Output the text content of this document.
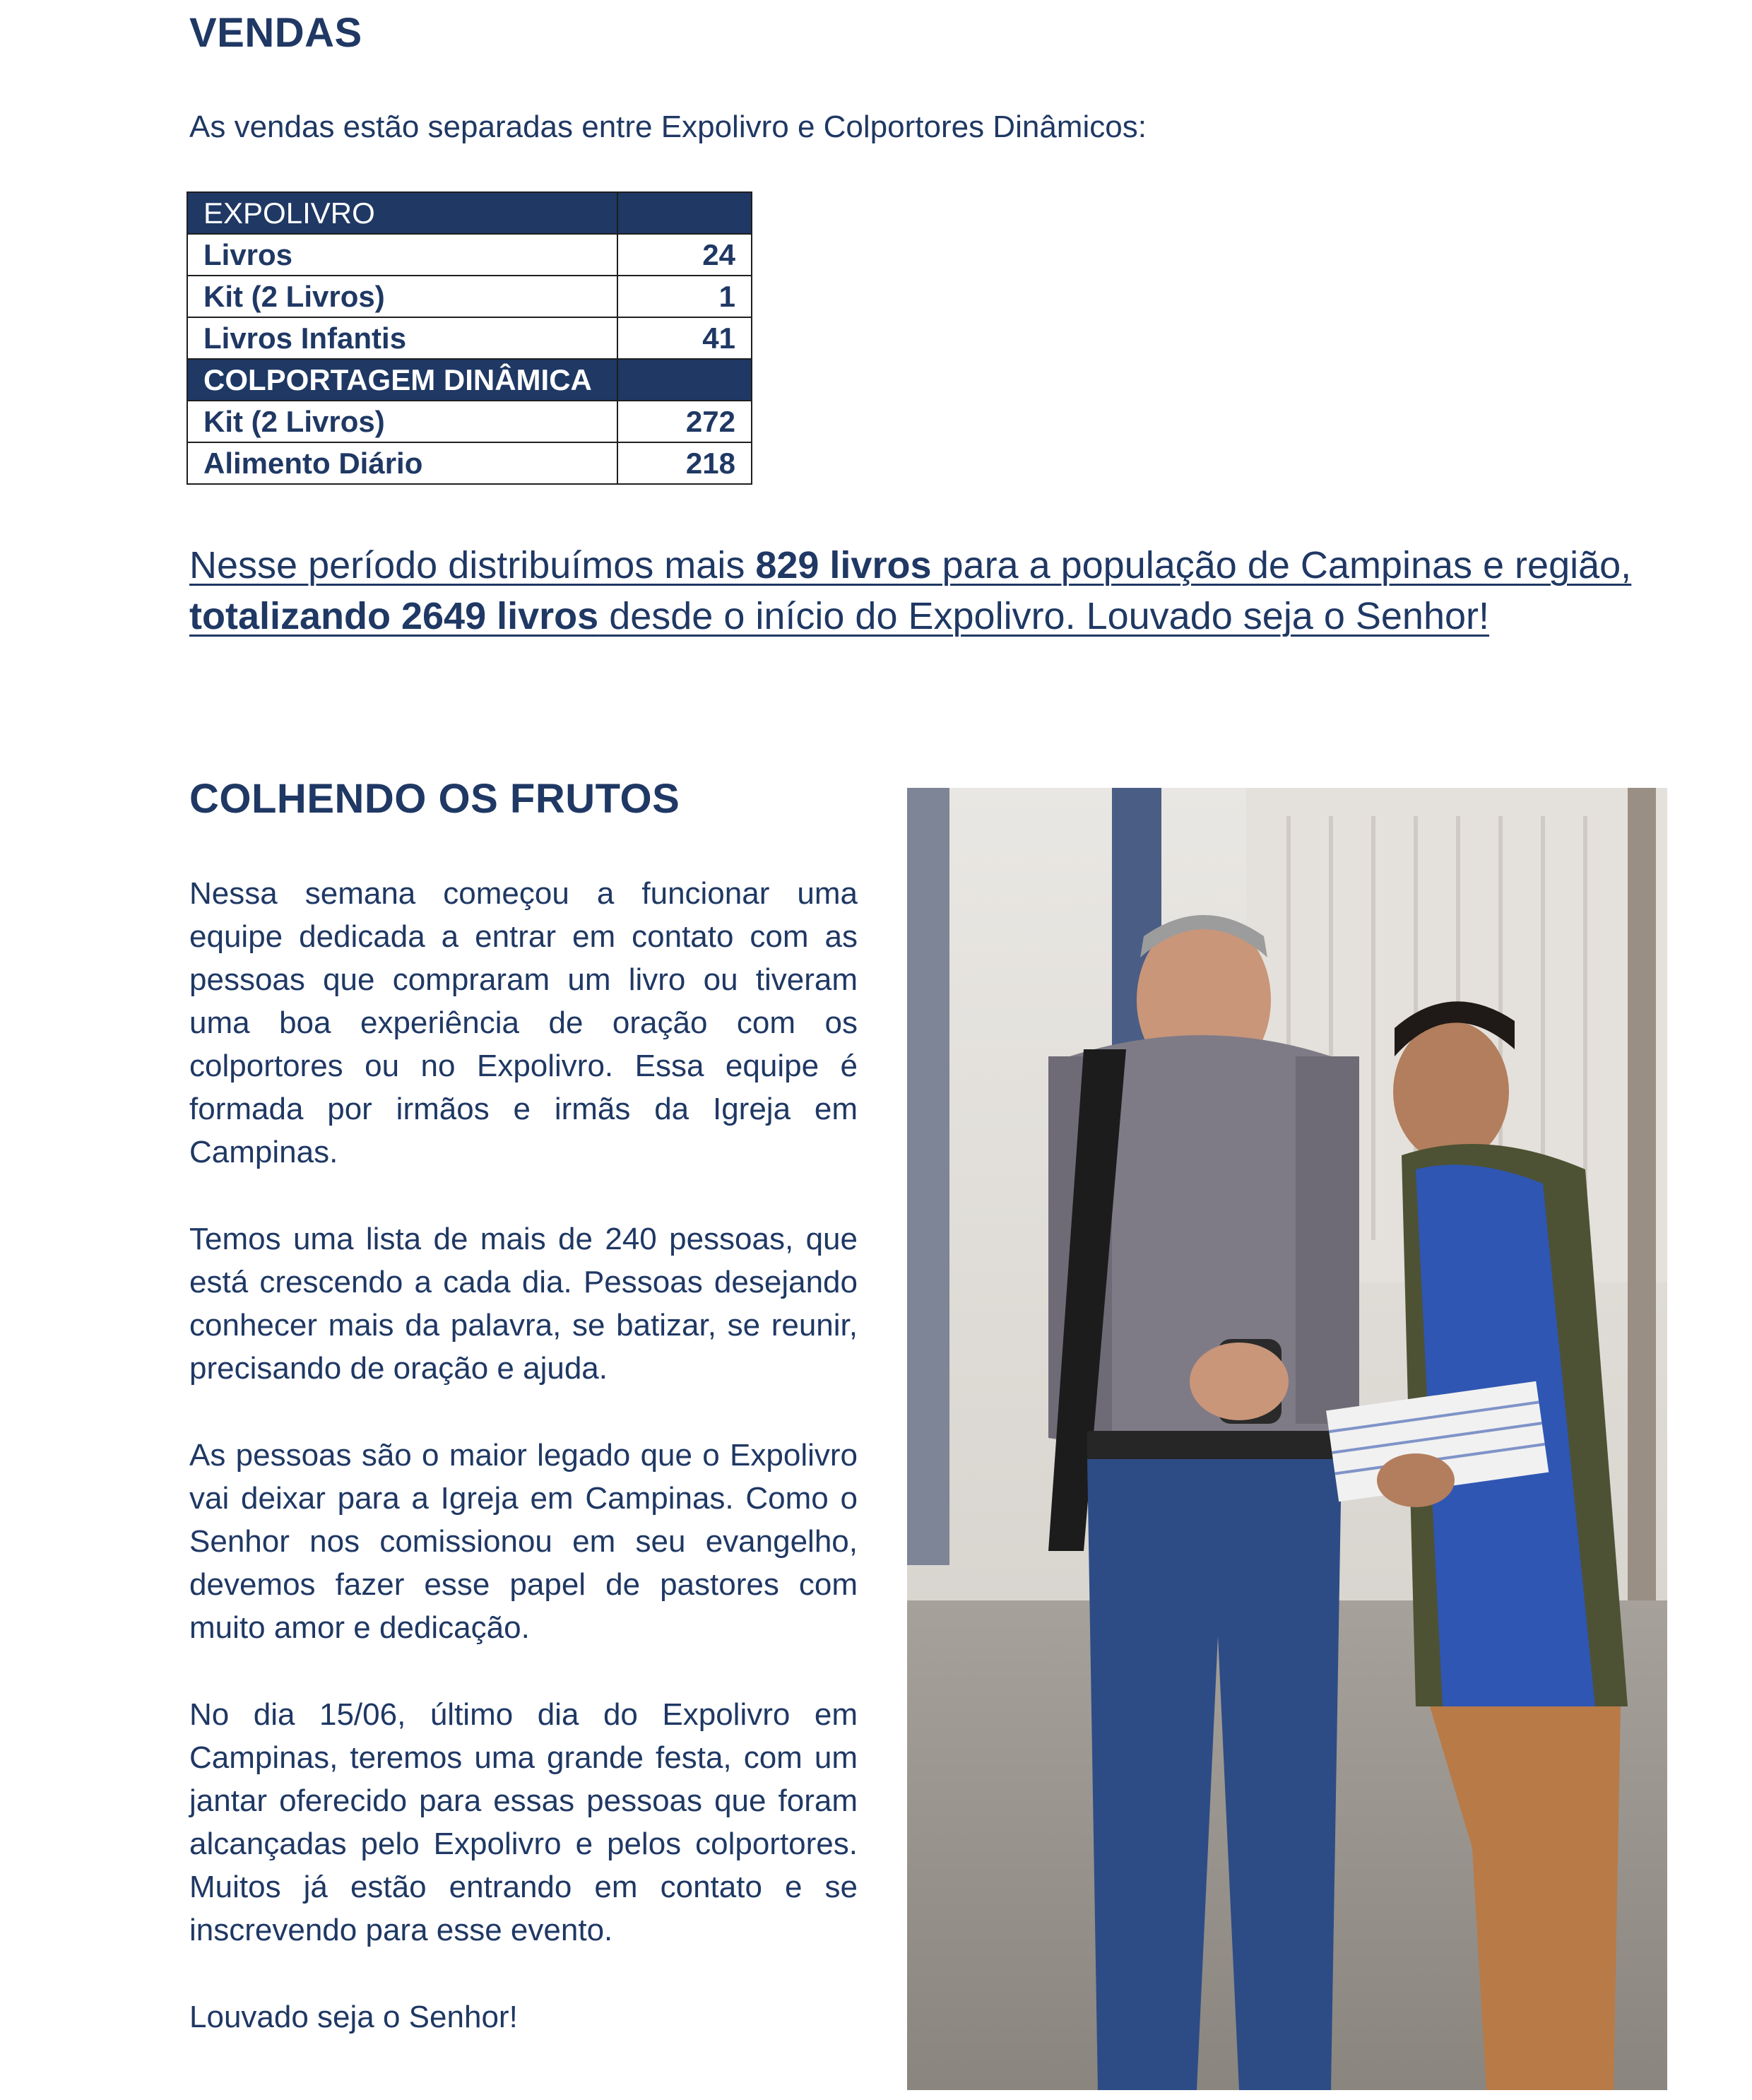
VENDAS
As vendas estão separadas entre Expolivro e Colportores Dinâmicos:
EXPOLIVRO	
Livros	24
Kit (2 Livros)	1
Livros Infantis	41
COLPORTAGEM DINÂMICA	
Kit (2 Livros)	272
Alimento Diário	218
Nesse período distribuímos mais 829 livros para a população de Campinas e região, totalizando 2649 livros desde o início do Expolivro. Louvado seja o Senhor!
COLHENDO OS FRUTOS

Nessa semana começou a funcionar uma equipe dedicada a entrar em contato com as pessoas que compraram um livro ou tiveram uma boa experiência de oração com os colportores ou no Expolivro. Essa equipe é formada por irmãos e irmãs da Igreja em Campinas.

Temos uma lista de mais de 240 pessoas, que está crescendo a cada dia. Pessoas desejando conhecer mais da palavra, se batizar, se reunir, precisando de oração e ajuda.

As pessoas são o maior legado que o Expolivro vai deixar para a Igreja em Campinas. Como o Senhor nos comissionou em seu evangelho, devemos fazer esse papel de pastores com muito amor e dedicação.

No dia 15/06, último dia do Expolivro em Campinas, teremos uma grande festa, com um jantar oferecido para essas pessoas que foram alcançadas pelo Expolivro e pelos colportores. Muitos já estão entrando em contato e se inscrevendo para esse evento.

Louvado seja o Senhor!
